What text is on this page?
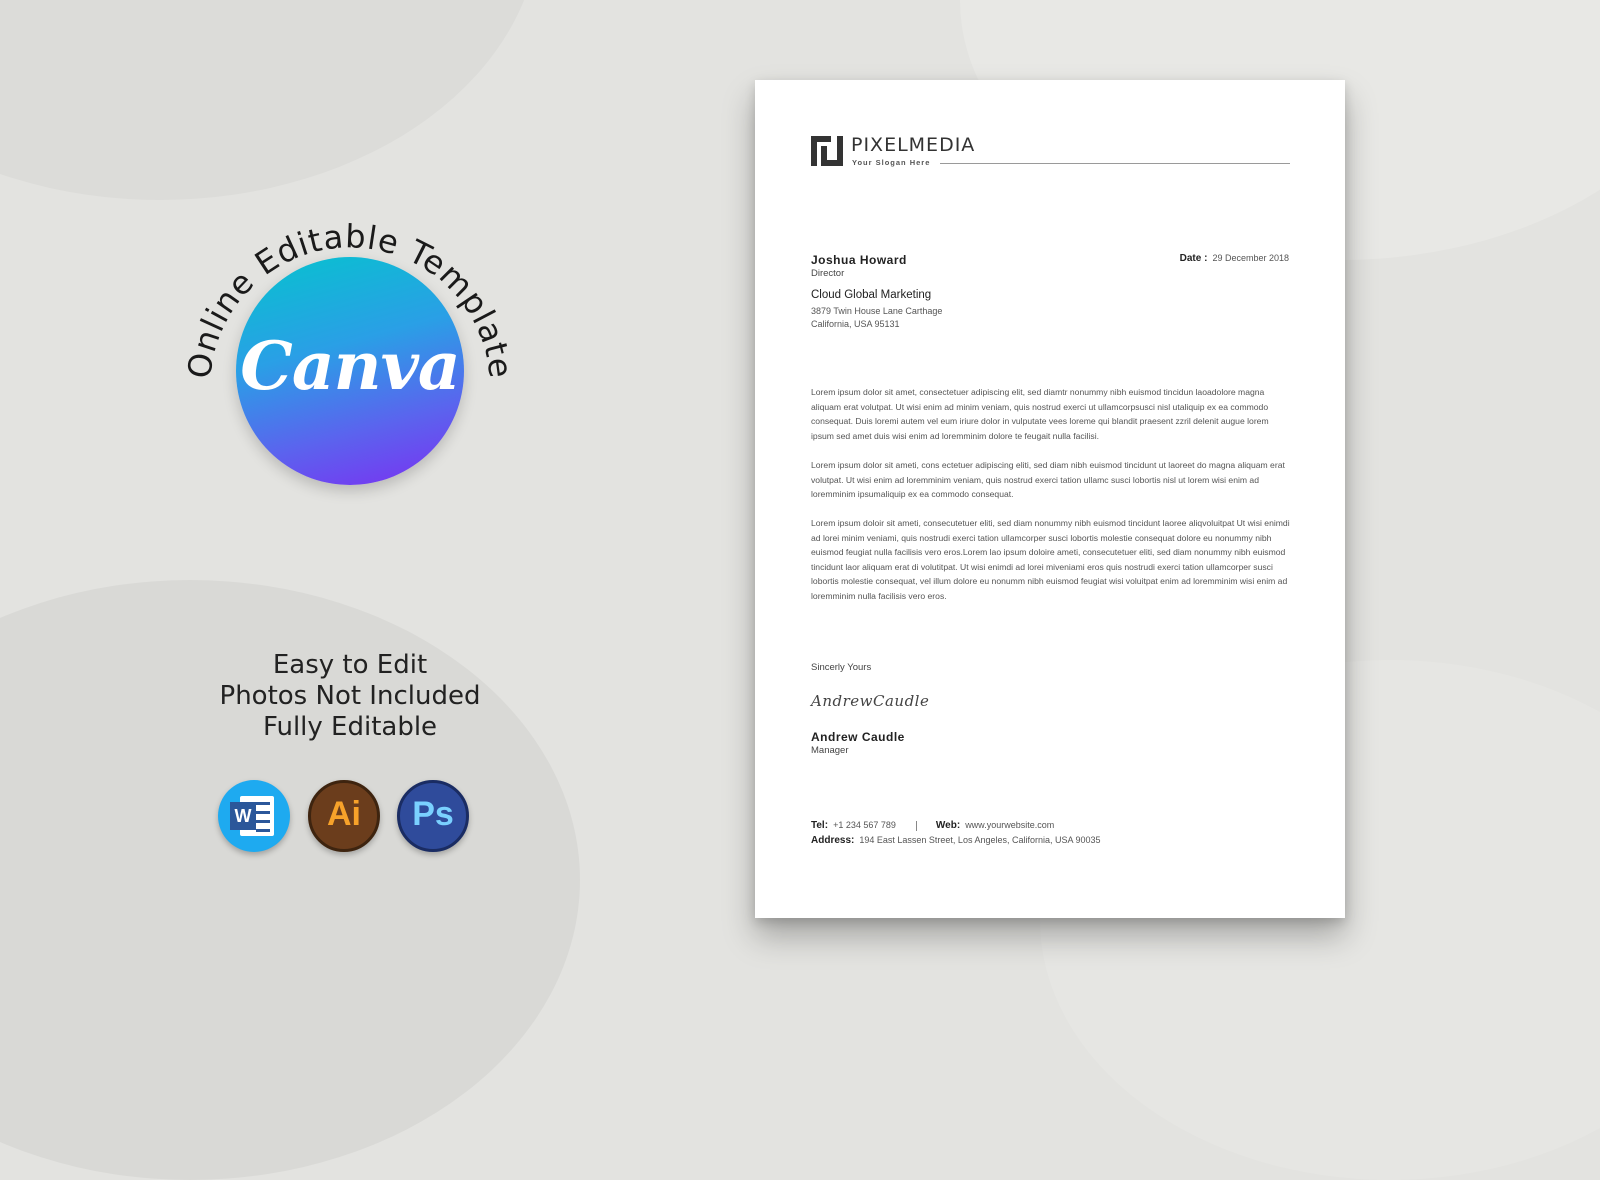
Online Editable Template
Canva
Easy to Edit
Photos Not Included
Fully Editable
W	Ai	Ps
PIXELMEDIA
Your Slogan Here
Joshua Howard
Director
Cloud Global Marketing
3879 Twin House Lane Carthage
California, USA 95131
Date : 29 December 2018
Lorem ipsum dolor sit amet, consectetuer adipiscing elit, sed diamtr nonummy nibh euismod tincidun laoadolore magna aliquam erat volutpat. Ut wisi enim ad minim veniam, quis nostrud exerci ut ullamcorpsusci nisl utaliquip ex ea commodo consequat. Duis loremi autem vel eum iriure dolor in vulputate vees loreme qui blandit praesent zzril delenit augue lorem ipsum sed amet duis wisi enim ad loremminim dolore te feugait nulla facilisi.
Lorem ipsum dolor sit ameti, cons ectetuer adipiscing eliti, sed diam nibh euismod tincidunt ut laoreet do magna aliquam erat volutpat. Ut wisi enim ad loremminim veniam, quis nostrud exerci tation ullamc susci lobortis nisl ut lorem wisi enim ad loremminim ipsumaliquip ex ea commodo consequat.
Lorem ipsum doloir sit ameti, consecutetuer eliti, sed diam nonummy nibh euismod tincidunt laoree aliqvoluitpat Ut wisi enimdi ad lorei minim veniami, quis nostrudi exerci tation ullamcorper susci lobortis molestie consequat dolore eu nonummy nibh euismod feugiat nulla facilisis vero eros.Lorem lao ipsum doloire ameti, consecutetuer eliti, sed diam nonummy nibh euismod tincidunt laor aliquam erat di volutitpat. Ut wisi enimdi ad lorei miveniami eros quis nostrudi exerci tation ullamcorper susci lobortis molestie consequat, vel illum dolore eu nonumm nibh euismod feugiat wisi voluitpat enim ad loremminim wisi enim ad loremminim nulla facilisis vero eros.
Sincerly Yours
AndrewCaudle
Andrew Caudle
Manager
Tel: +1 234 567 789	Web: www.yourwebsite.com
Address: 194 East Lassen Street, Los Angeles, California, USA 90035
